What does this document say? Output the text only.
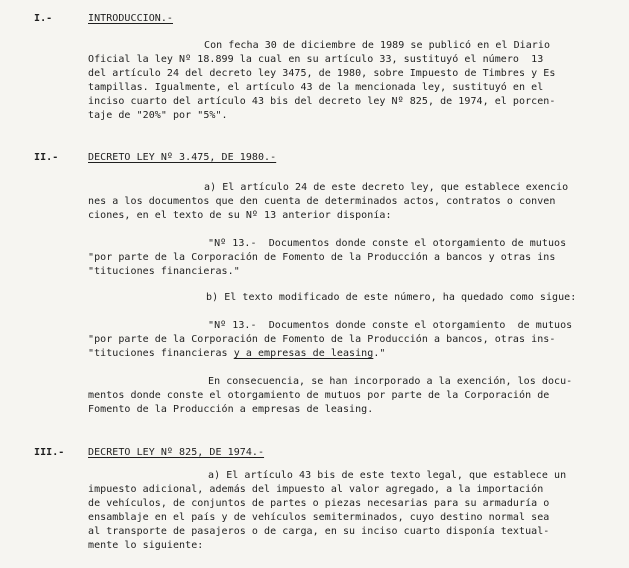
I.-	INTRODUCCION.-
Con fecha 30 de diciembre de 1989 se publicó en el Diario
Oficial la ley Nº 18.899 la cual en su artículo 33, sustituyó el número  13
del artículo 24 del decreto ley 3475, de 1980, sobre Impuesto de Timbres y Es
tampillas. Igualmente, el artículo 43 de la mencionada ley, sustituyó en el
inciso cuarto del artículo 43 bis del decreto ley Nº 825, de 1974, el porcen-
taje de "20%" por "5%".
II.-	DECRETO LEY Nº 3.475, DE 1980.-
a) El artículo 24 de este decreto ley, que establece exencio
nes a los documentos que den cuenta de determinados actos, contratos o conven
ciones, en el texto de su Nº 13 anterior disponía:
"Nº 13.-  Documentos donde conste el otorgamiento de mutuos
"por parte de la Corporación de Fomento de la Producción a bancos y otras ins
"tituciones financieras."
b) El texto modificado de este número, ha quedado como sigue:
"Nº 13.-  Documentos donde conste el otorgamiento  de mutuos
"por parte de la Corporación de Fomento de la Producción a bancos, otras ins-
"tituciones financieras y a empresas de leasing."
En consecuencia, se han incorporado a la exención, los docu-
mentos donde conste el otorgamiento de mutuos por parte de la Corporación de
Fomento de la Producción a empresas de leasing.
III.- DECRETO LEY Nº 825, DE 1974.-
a) El artículo 43 bis de este texto legal, que establece un
impuesto adicional, además del impuesto al valor agregado, a la importación
de vehículos, de conjuntos de partes o piezas necesarias para su armaduría o
ensamblaje en el país y de vehículos semiterminados, cuyo destino normal sea
al transporte de pasajeros o de carga, en su inciso cuarto disponía textual-
mente lo siguiente:
